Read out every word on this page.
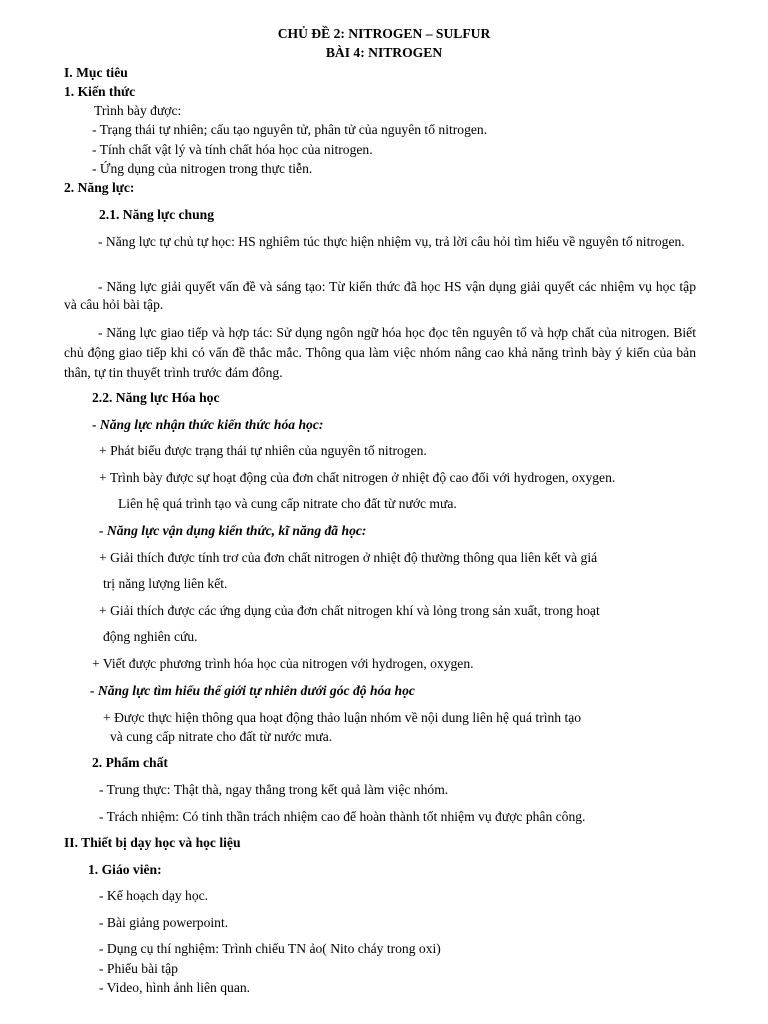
CHỦ ĐỀ 2: NITROGEN – SULFUR
BÀI 4: NITROGEN
I. Mục tiêu
1. Kiến thức
Trình bày được:
- Trạng thái tự nhiên; cấu tạo nguyên tử, phân tử của nguyên tố nitrogen.
- Tính chất vật lý và tính chất hóa học của nitrogen.
- Ứng dụng của nitrogen trong thực tiễn.
2. Năng lực:
2.1. Năng lực chung
- Năng lực tự chủ tự học: HS nghiêm túc thực hiện nhiệm vụ, trả lời câu hỏi tìm hiểu về nguyên tố nitrogen.
- Năng lực giải quyết vấn đề và sáng tạo: Từ kiến thức đã học HS vận dụng giải quyết các nhiệm vụ học tập và câu hỏi bài tập.
- Năng lực giao tiếp và hợp tác: Sử dụng ngôn ngữ hóa học đọc tên nguyên tố và hợp chất của nitrogen. Biết chủ động giao tiếp khi có vấn đề thắc mắc. Thông qua làm việc nhóm nâng cao khả năng trình bày ý kiến của bản thân, tự tin thuyết trình trước đám đông.
2.2. Năng lực Hóa học
- Năng lực nhận thức kiến thức hóa học:
+ Phát biểu được trạng thái tự nhiên của nguyên tố nitrogen.
+ Trình bày được sự hoạt động của đơn chất nitrogen ở nhiệt độ cao đối với hydrogen, oxygen.
Liên hệ quá trình tạo và cung cấp nitrate cho đất từ nước mưa.
- Năng lực vận dụng kiến thức, kĩ năng đã học:
+ Giải thích được tính trơ của đơn chất nitrogen ở nhiệt độ thường thông qua liên kết và giá
trị năng lượng liên kết.
+ Giải thích được các ứng dụng của đơn chất nitrogen khí và lỏng trong sản xuất, trong hoạt
động nghiên cứu.
+ Viết được phương trình hóa học của nitrogen với hydrogen, oxygen.
- Năng lực tìm hiểu thế giới tự nhiên dưới góc độ hóa học
+ Được thực hiện thông qua hoạt động thảo luận nhóm về nội dung liên hệ quá trình tạo
và cung cấp nitrate cho đất từ nước mưa.
2. Phẩm chất
- Trung thực: Thật thà, ngay thẳng trong kết quả làm việc nhóm.
- Trách nhiệm: Có tinh thần trách nhiệm cao để hoàn thành tốt nhiệm vụ được phân công.
II. Thiết bị dạy học và học liệu
1. Giáo viên:
- Kế hoạch dạy học.
- Bài giảng powerpoint.
- Dụng cụ thí nghiệm: Trình chiếu TN ảo( Nito cháy trong oxi)
- Phiếu bài tập
- Video, hình ảnh liên quan.
